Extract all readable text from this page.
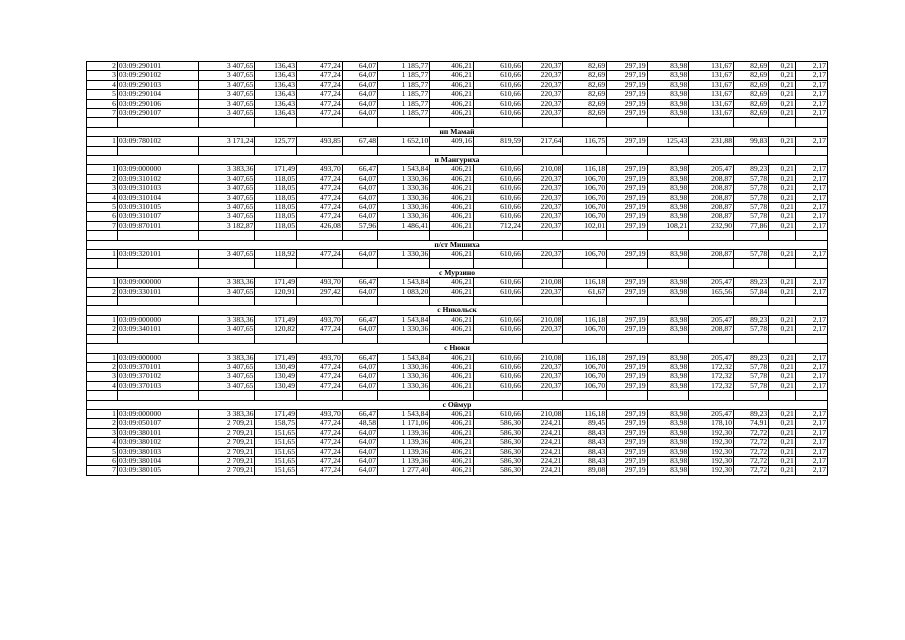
2	03:09:290101	3 407,65	136,43	477,24	64,07	1 185,77	406,21	610,66	220,37	82,69	297,19	83,98	131,67	82,69	0,21	2,17
3	03:09:290102	3 407,65	136,43	477,24	64,07	1 185,77	406,21	610,66	220,37	82,69	297,19	83,98	131,67	82,69	0,21	2,17
4	03:09:290103	3 407,65	136,43	477,24	64,07	1 185,77	406,21	610,66	220,37	82,69	297,19	83,98	131,67	82,69	0,21	2,17
5	03:09:290104	3 407,65	136,43	477,24	64,07	1 185,77	406,21	610,66	220,37	82,69	297,19	83,98	131,67	82,69	0,21	2,17
6	03:09:290106	3 407,65	136,43	477,24	64,07	1 185,77	406,21	610,66	220,37	82,69	297,19	83,98	131,67	82,69	0,21	2,17
7	03:09:290107	3 407,65	136,43	477,24	64,07	1 185,77	406,21	610,66	220,37	82,69	297,19	83,98	131,67	82,69	0,21	2,17

нп Мамай																
1	03:09:780102	3 171,24	125,77	493,85	67,48	1 652,10	409,16	819,59	217,64	116,75	297,19	125,43	231,88	99,83	0,21	2,17

п Мангуриха																
1	03:09:000000	3 383,36	171,49	493,70	66,47	1 543,84	406,21	610,66	210,08	116,18	297,19	83,98	205,47	89,23	0,21	2,17
2	03:09:310102	3 407,65	118,05	477,24	64,07	1 330,36	406,21	610,66	220,37	106,70	297,19	83,98	208,87	57,78	0,21	2,17
3	03:09:310103	3 407,65	118,05	477,24	64,07	1 330,36	406,21	610,66	220,37	106,70	297,19	83,98	208,87	57,78	0,21	2,17
4	03:09:310104	3 407,65	118,05	477,24	64,07	1 330,36	406,21	610,66	220,37	106,70	297,19	83,98	208,87	57,78	0,21	2,17
5	03:09:310105	3 407,65	118,05	477,24	64,07	1 330,36	406,21	610,66	220,37	106,70	297,19	83,98	208,87	57,78	0,21	2,17
6	03:09:310107	3 407,65	118,05	477,24	64,07	1 330,36	406,21	610,66	220,37	106,70	297,19	83,98	208,87	57,78	0,21	2,17
7	03:09:870101	3 182,87	118,05	426,08	57,96	1 486,41	406,21	712,24	220,37	102,01	297,19	108,21	232,90	77,86	0,21	2,17

п/ст Мишиха																
1	03:09:320101	3 407,65	118,92	477,24	64,07	1 330,36	406,21	610,66	220,37	106,70	297,19	83,98	208,87	57,78	0,21	2,17

с Мурзино																
1	03:09:000000	3 383,36	171,49	493,70	66,47	1 543,84	406,21	610,66	210,08	116,18	297,19	83,98	205,47	89,23	0,21	2,17
2	03:09:330101	3 407,65	120,91	297,42	64,07	1 083,20	406,21	610,66	220,37	61,67	297,19	83,98	165,56	57,84	0,21	2,17

с Никольск																
1	03:09:000000	3 383,36	171,49	493,70	66,47	1 543,84	406,21	610,66	210,08	116,18	297,19	83,98	205,47	89,23	0,21	2,17
2	03:09:340101	3 407,65	120,82	477,24	64,07	1 330,36	406,21	610,66	220,37	106,70	297,19	83,98	208,87	57,78	0,21	2,17

с Нюки																
1	03:09:000000	3 383,36	171,49	493,70	66,47	1 543,84	406,21	610,66	210,08	116,18	297,19	83,98	205,47	89,23	0,21	2,17
2	03:09:370101	3 407,65	130,49	477,24	64,07	1 330,36	406,21	610,66	220,37	106,70	297,19	83,98	172,32	57,78	0,21	2,17
3	03:09:370102	3 407,65	130,49	477,24	64,07	1 330,36	406,21	610,66	220,37	106,70	297,19	83,98	172,32	57,78	0,21	2,17
4	03:09:370103	3 407,65	130,49	477,24	64,07	1 330,36	406,21	610,66	220,37	106,70	297,19	83,98	172,32	57,78	0,21	2,17

с Оймур																
1	03:09:000000	3 383,36	171,49	493,70	66,47	1 543,84	406,21	610,66	210,08	116,18	297,19	83,98	205,47	89,23	0,21	2,17
2	03:09:050107	2 709,21	158,75	477,24	48,58	1 171,06	406,21	586,30	224,21	89,45	297,19	83,98	178,10	74,91	0,21	2,17
3	03:09:380101	2 709,21	151,65	477,24	64,07	1 139,36	406,21	586,30	224,21	88,43	297,19	83,98	192,30	72,72	0,21	2,17
4	03:09:380102	2 709,21	151,65	477,24	64,07	1 139,36	406,21	586,30	224,21	88,43	297,19	83,98	192,30	72,72	0,21	2,17
5	03:09:380103	2 709,21	151,65	477,24	64,07	1 139,36	406,21	586,30	224,21	88,43	297,19	83,98	192,30	72,72	0,21	2,17
6	03:09:380104	2 709,21	151,65	477,24	64,07	1 139,36	406,21	586,30	224,21	88,43	297,19	83,98	192,30	72,72	0,21	2,17
7	03:09:380105	2 709,21	151,65	477,24	64,07	1 277,40	406,21	586,30	224,21	89,08	297,19	83,98	192,30	72,72	0,21	2,17
